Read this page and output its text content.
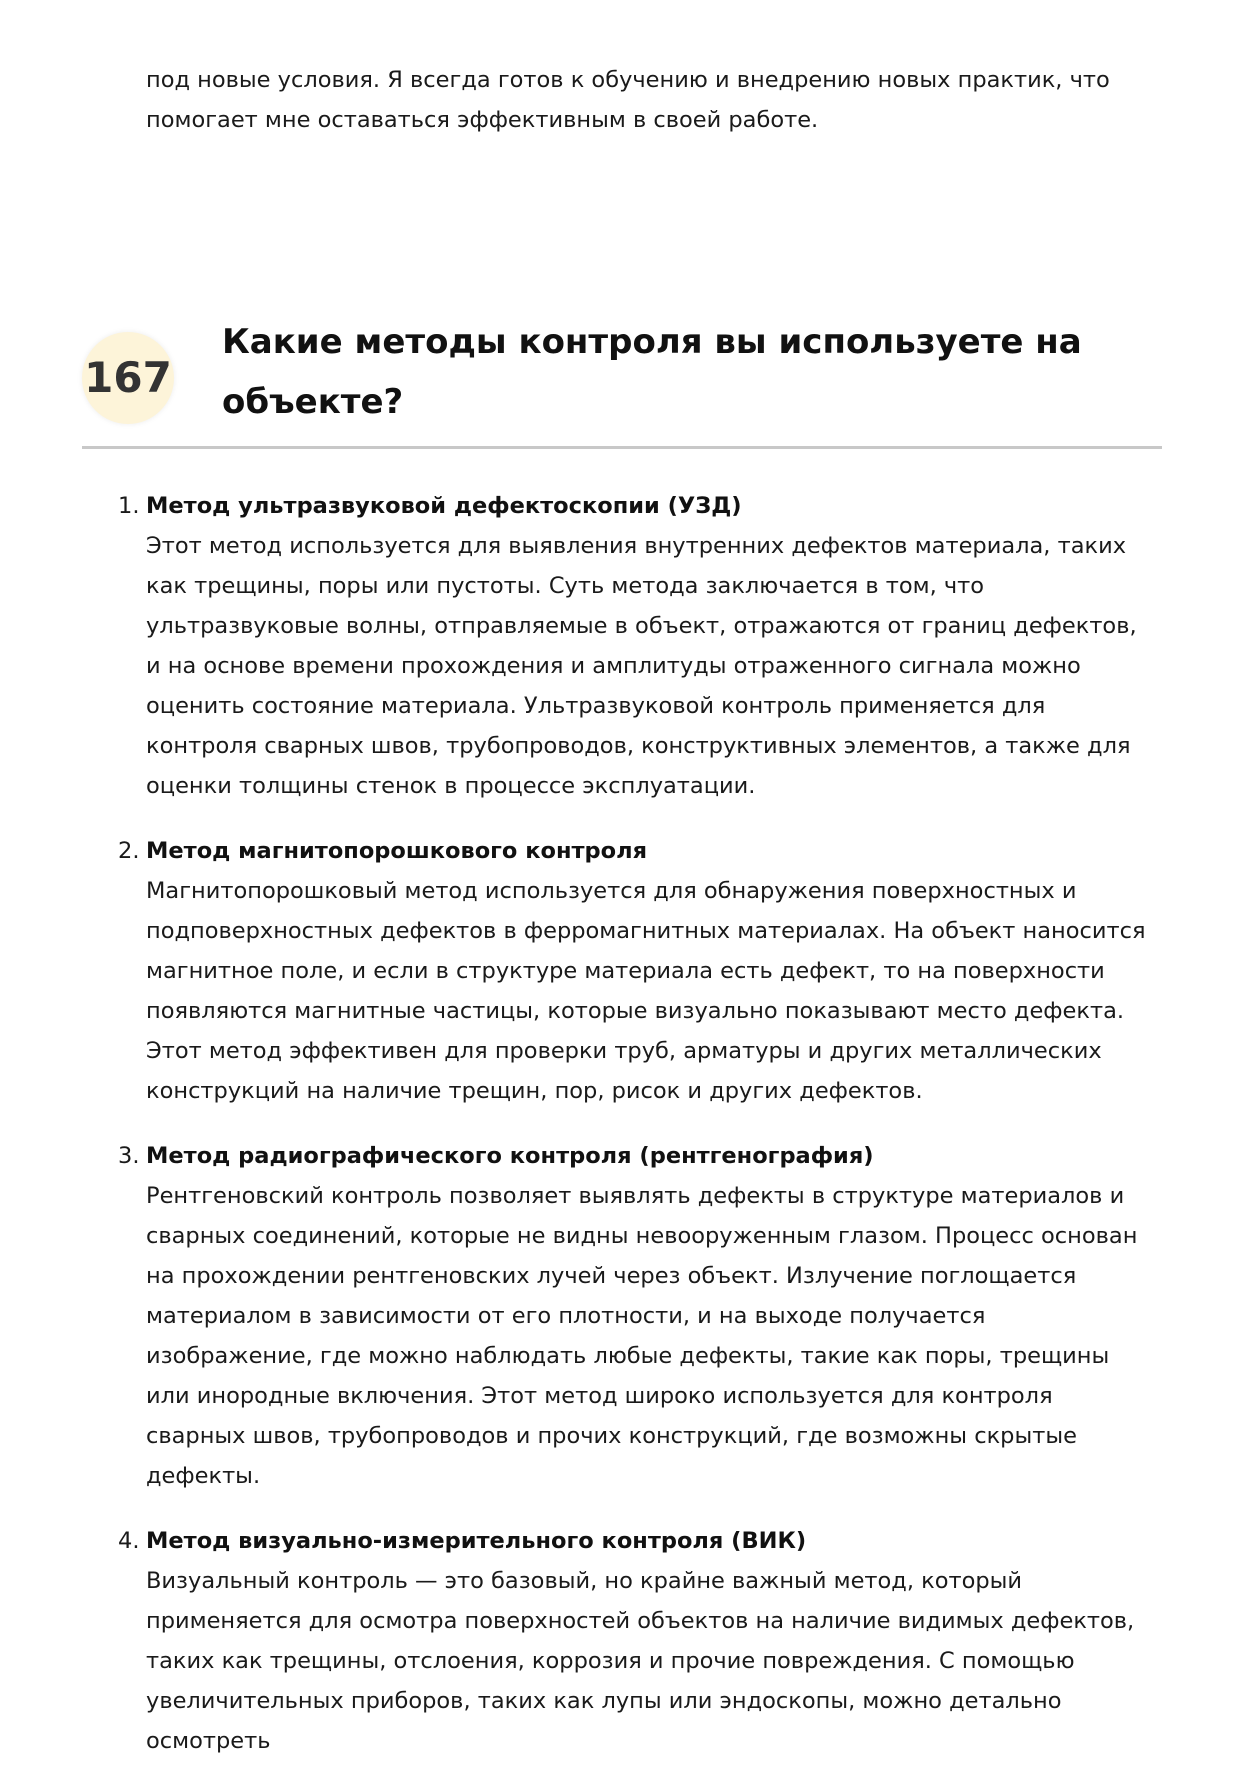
под новые условия. Я всегда готов к обучению и внедрению новых практик, что помогает мне оставаться эффективным в своей работе.

167
Какие методы контроля вы используете на объекте?
1. Метод ультразвуковой дефектоскопии (УЗД)
Этот метод используется для выявления внутренних дефектов материала, таких как трещины, поры или пустоты. Суть метода заключается в том, что ультразвуковые волны, отправляемые в объект, отражаются от границ дефектов, и на основе времени прохождения и амплитуды отраженного сигнала можно оценить состояние материала. Ультразвуковой контроль применяется для контроля сварных швов, трубопроводов, конструктивных элементов, а также для оценки толщины стенок в процессе эксплуатации.
2. Метод магнитопорошкового контроля
Магнитопорошковый метод используется для обнаружения поверхностных и подповерхностных дефектов в ферромагнитных материалах. На объект наносится магнитное поле, и если в структуре материала есть дефект, то на поверхности появляются магнитные частицы, которые визуально показывают место дефекта. Этот метод эффективен для проверки труб, арматуры и других металлических конструкций на наличие трещин, пор, рисок и других дефектов.
3. Метод радиографического контроля (рентгенография)
Рентгеновский контроль позволяет выявлять дефекты в структуре материалов и сварных соединений, которые не видны невооруженным глазом. Процесс основан на прохождении рентгеновских лучей через объект. Излучение поглощается материалом в зависимости от его плотности, и на выходе получается изображение, где можно наблюдать любые дефекты, такие как поры, трещины или инородные включения. Этот метод широко используется для контроля сварных швов, трубопроводов и прочих конструкций, где возможны скрытые дефекты.
4. Метод визуально-измерительного контроля (ВИК)
Визуальный контроль — это базовый, но крайне важный метод, который применяется для осмотра поверхностей объектов на наличие видимых дефектов, таких как трещины, отслоения, коррозия и прочие повреждения. С помощью увеличительных приборов, таких как лупы или эндоскопы, можно детально осмотреть
